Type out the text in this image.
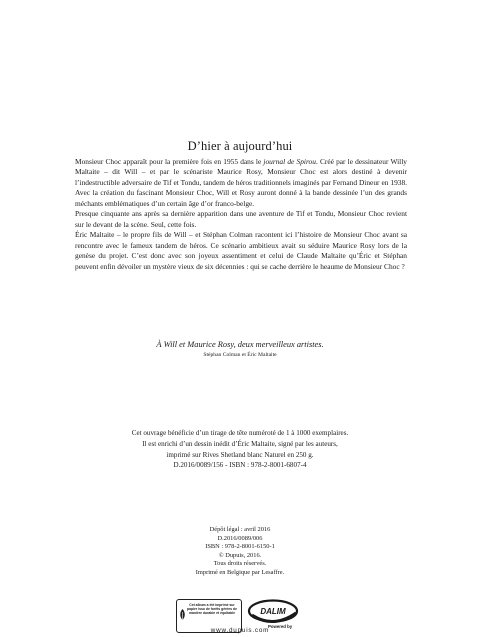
D’hier à aujourd’hui

Monsieur Choc apparaît pour la première fois en 1955 dans le journal de Spirou. Créé par le dessinateur Willy Maltaite – dit Will – et par le scénariste Maurice Rosy, Monsieur Choc est alors destiné à devenir l’indestructible adversaire de Tif et Tondu, tandem de héros traditionnels imaginés par Fernand Dineur en 1938. Avec la création du fascinant Monsieur Choc, Will et Rosy auront donné à la bande dessinée l’un des grands méchants emblématiques d’un certain âge d’or franco-belge.

Presque cinquante ans après sa dernière apparition dans une aventure de Tif et Tondu, Monsieur Choc revient sur le devant de la scène. Seul, cette fois.

Éric Maltaite – le propre fils de Will – et Stéphan Colman racontent ici l’histoire de Monsieur Choc avant sa rencontre avec le fameux tandem de héros. Ce scénario ambitieux avait su séduire Maurice Rosy lors de la genèse du projet. C’est donc avec son joyeux assentiment et celui de Claude Maltaite qu’Éric et Stéphan peuvent enfin dévoiler un mystère vieux de six décennies : qui se cache derrière le heaume de Monsieur Choc ?

À Will et Maurice Rosy, deux merveilleux artistes.
Stéphan Colman et Éric Maltaite
Cet ouvrage bénéficie d’un tirage de tête numéroté de 1 à 1000 exemplaires.
Il est enrichi d’un dessin inédit d’Éric Maltaite, signé par les auteurs,
imprimé sur Rives Shetland blanc Naturel en 250 g.
D.2016/0089/156 - ISBN : 978-2-8001-6807-4
Dépôt légal : avril 2016
D.2016/0089/006
ISBN : 978-2-8001-6150-1
© Dupuis, 2016.
Tous droits réservés.
Imprimé en Belgique par Lesaffre.
Cet album a été imprimé sur papier issu de forêts gérées de manière durable et équitable	DALIM
Powered by
www.dupuis.com
